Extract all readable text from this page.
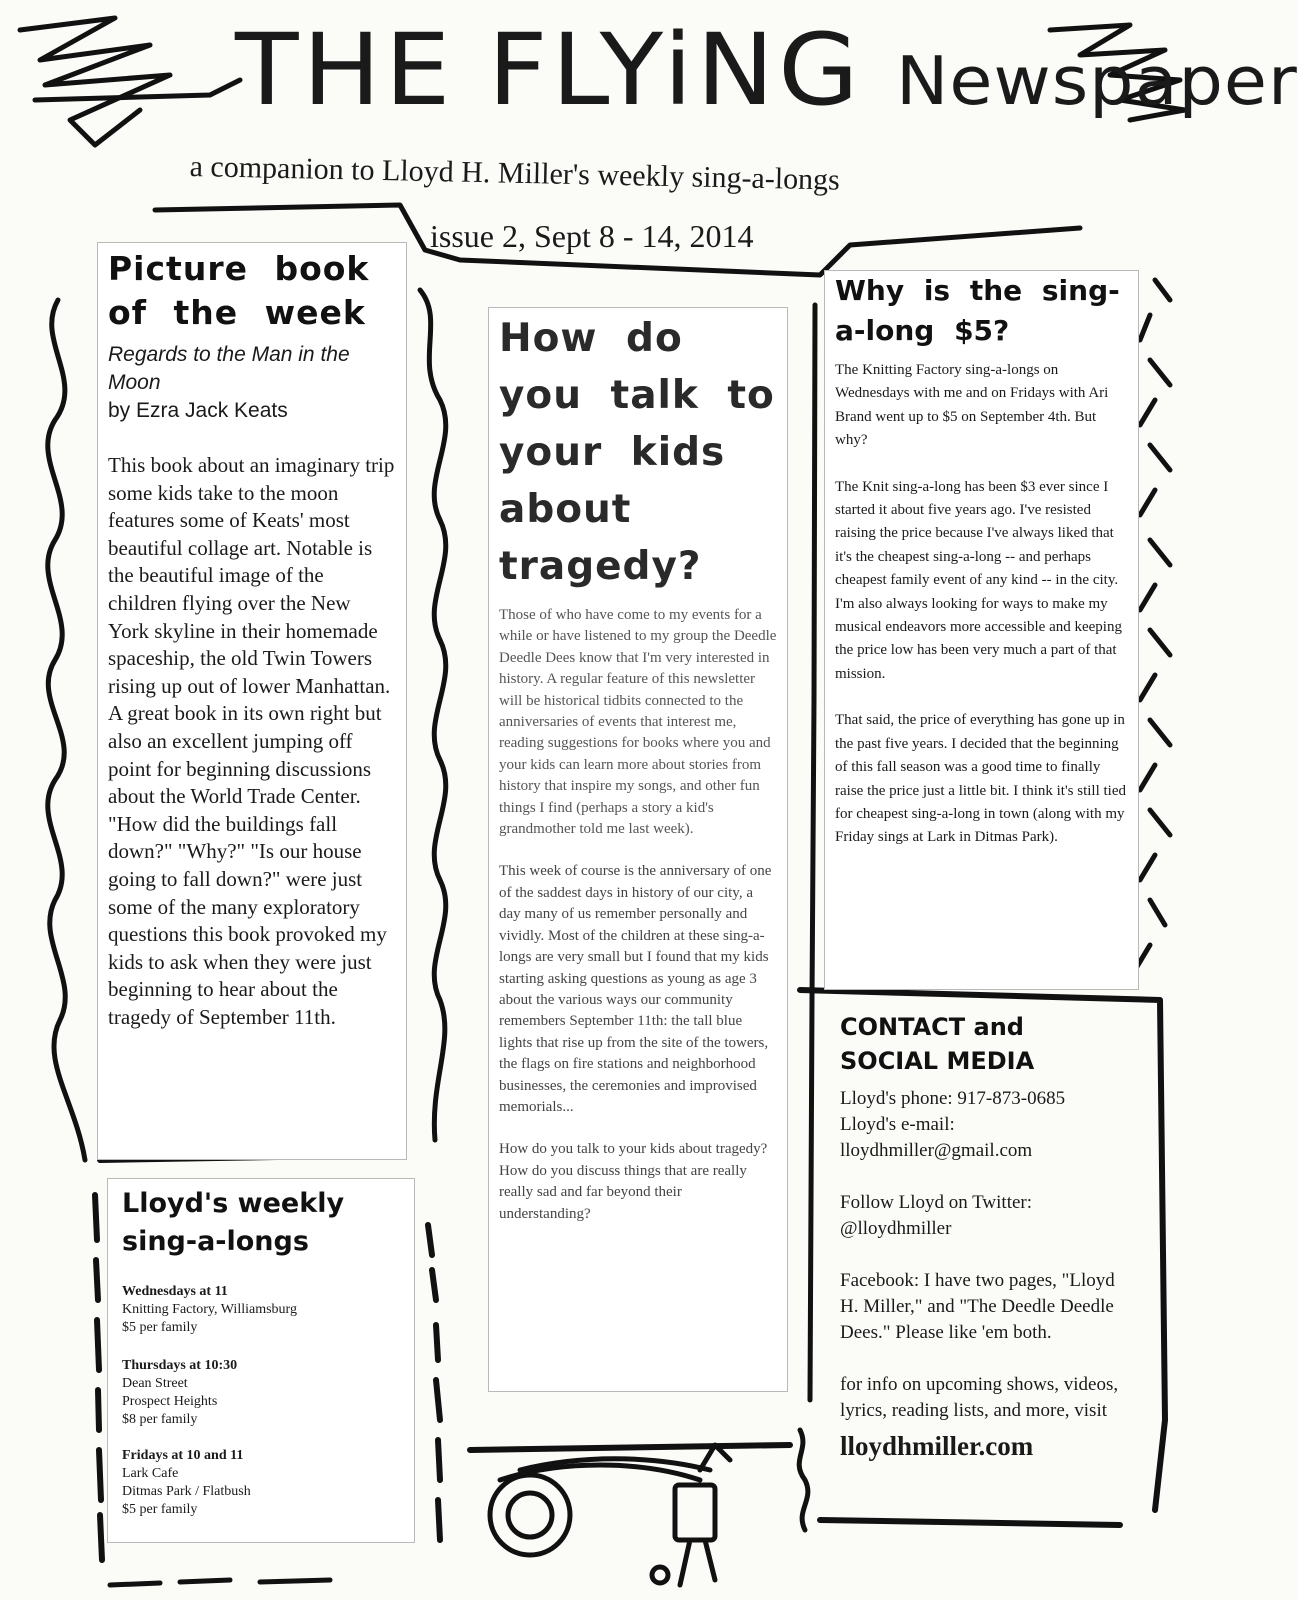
THE FLYiNG Newspaper
a companion to Lloyd H. Miller's weekly sing-a-longs
issue 2, Sept 8 - 14, 2014
Picture book of the week
Regards to the Man in the Moon
by Ezra Jack Keats

This book about an imaginary trip some kids take to the moon features some of Keats' most beautiful collage art. Notable is the beautiful image of the children flying over the New York skyline in their homemade spaceship, the old Twin Towers rising up out of lower Manhattan. A great book in its own right but also an excellent jumping off point for beginning discussions about the World Trade Center. "How did the buildings fall down?" "Why?" "Is our house going to fall down?" were just some of the many exploratory questions this book provoked my kids to ask when they were just beginning to hear about the tragedy of September 11th.

Lloyd's weekly sing-a-longs
Wednesdays at 11
Knitting Factory, Williamsburg
$5 per family
Thursdays at 10:30
Dean Street
Prospect Heights
$8 per family
Fridays at 10 and 11
Lark Cafe
Ditmas Park / Flatbush
$5 per family
How do you talk to your kids about tragedy?

Those of who have come to my events for a while or have listened to my group the Deedle Deedle Dees know that I'm very interested in history. A regular feature of this newsletter will be historical tidbits connected to the anniversaries of events that interest me, reading suggestions for books where you and your kids can learn more about stories from history that inspire my songs, and other fun things I find (perhaps a story a kid's grandmother told me last week).

This week of course is the anniversary of one of the saddest days in history of our city, a day many of us remember personally and vividly. Most of the children at these sing-a-longs are very small but I found that my kids starting asking questions as young as age 3 about the various ways our community remembers September 11th: the tall blue lights that rise up from the site of the towers, the flags on fire stations and neighborhood businesses, the ceremonies and improvised memorials...

How do you talk to your kids about tragedy? How do you discuss things that are really really sad and far beyond their understanding?

Why is the sing-a-long $5?

The Knitting Factory sing-a-longs on Wednesdays with me and on Fridays with Ari Brand went up to $5 on September 4th. But why?

The Knit sing-a-long has been $3 ever since I started it about five years ago. I've resisted raising the price because I've always liked that it's the cheapest sing-a-long -- and perhaps cheapest family event of any kind -- in the city. I'm also always looking for ways to make my musical endeavors more accessible and keeping the price low has been very much a part of that mission.

That said, the price of everything has gone up in the past five years. I decided that the beginning of this fall season was a good time to finally raise the price just a little bit. I think it's still tied for cheapest sing-a-long in town (along with my Friday sings at Lark in Ditmas Park).

CONTACT and SOCIAL MEDIA
Lloyd's phone: 917-873-0685
Lloyd's e-mail:
lloydhmiller@gmail.com
Follow Lloyd on Twitter:
@lloydhmiller
Facebook: I have two pages, "Lloyd H. Miller," and "The Deedle Deedle Dees." Please like 'em both.
for info on upcoming shows, videos, lyrics, reading lists, and more, visit
lloydhmiller.com
